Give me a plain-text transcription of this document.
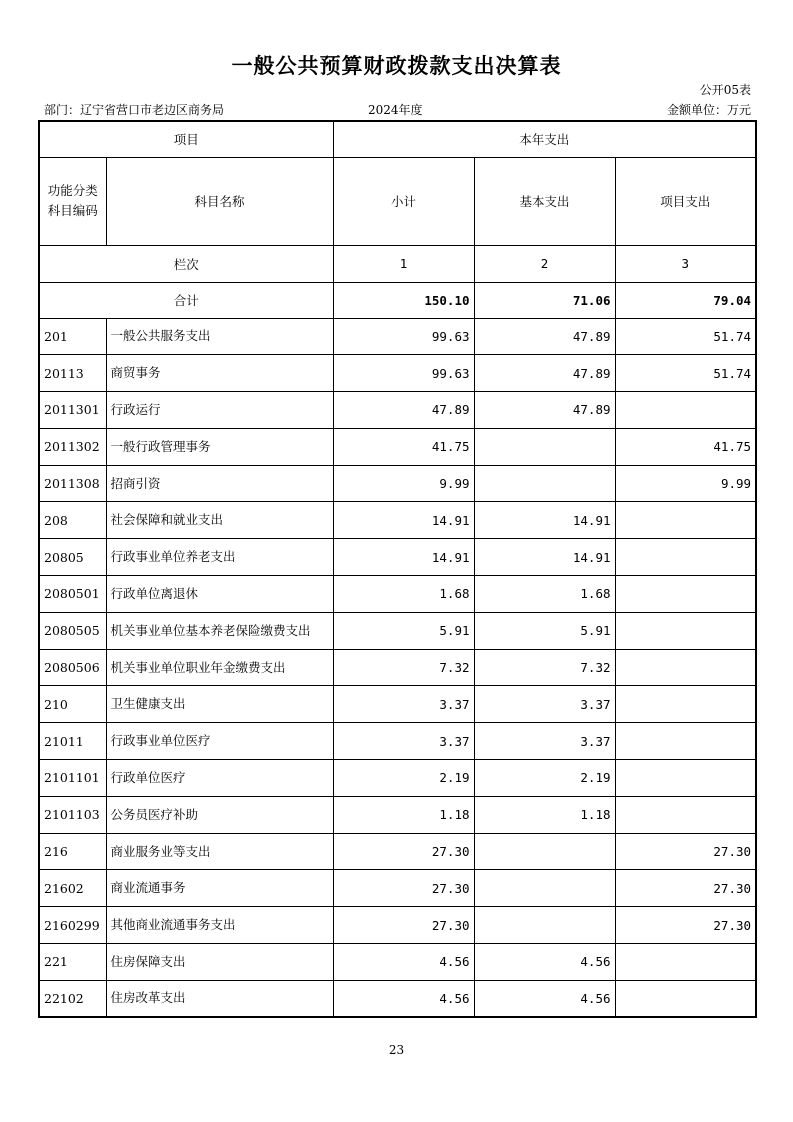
一般公共预算财政拨款支出决算表
公开05表
部门：辽宁省营口市老边区商务局	2024年度	金额单位：万元
项目		本年支出		
功能分类
科目编码	科目名称	小计	基本支出	项目支出
栏次		1	2	3
合计		150.10	71.06	79.04
201	一般公共服务支出	99.63	47.89	51.74
20113	商贸事务	99.63	47.89	51.74
2011301	行政运行	47.89	47.89	
2011302	一般行政管理事务	41.75		41.75
2011308	招商引资	9.99		9.99
208	社会保障和就业支出	14.91	14.91	
20805	行政事业单位养老支出	14.91	14.91	
2080501	行政单位离退休	1.68	1.68	
2080505	机关事业单位基本养老保险缴费支出	5.91	5.91	
2080506	机关事业单位职业年金缴费支出	7.32	7.32	
210	卫生健康支出	3.37	3.37	
21011	行政事业单位医疗	3.37	3.37	
2101101	行政单位医疗	2.19	2.19	
2101103	公务员医疗补助	1.18	1.18	
216	商业服务业等支出	27.30		27.30
21602	商业流通事务	27.30		27.30
2160299	其他商业流通事务支出	27.30		27.30
221	住房保障支出	4.56	4.56	
22102	住房改革支出	4.56	4.56	
23
